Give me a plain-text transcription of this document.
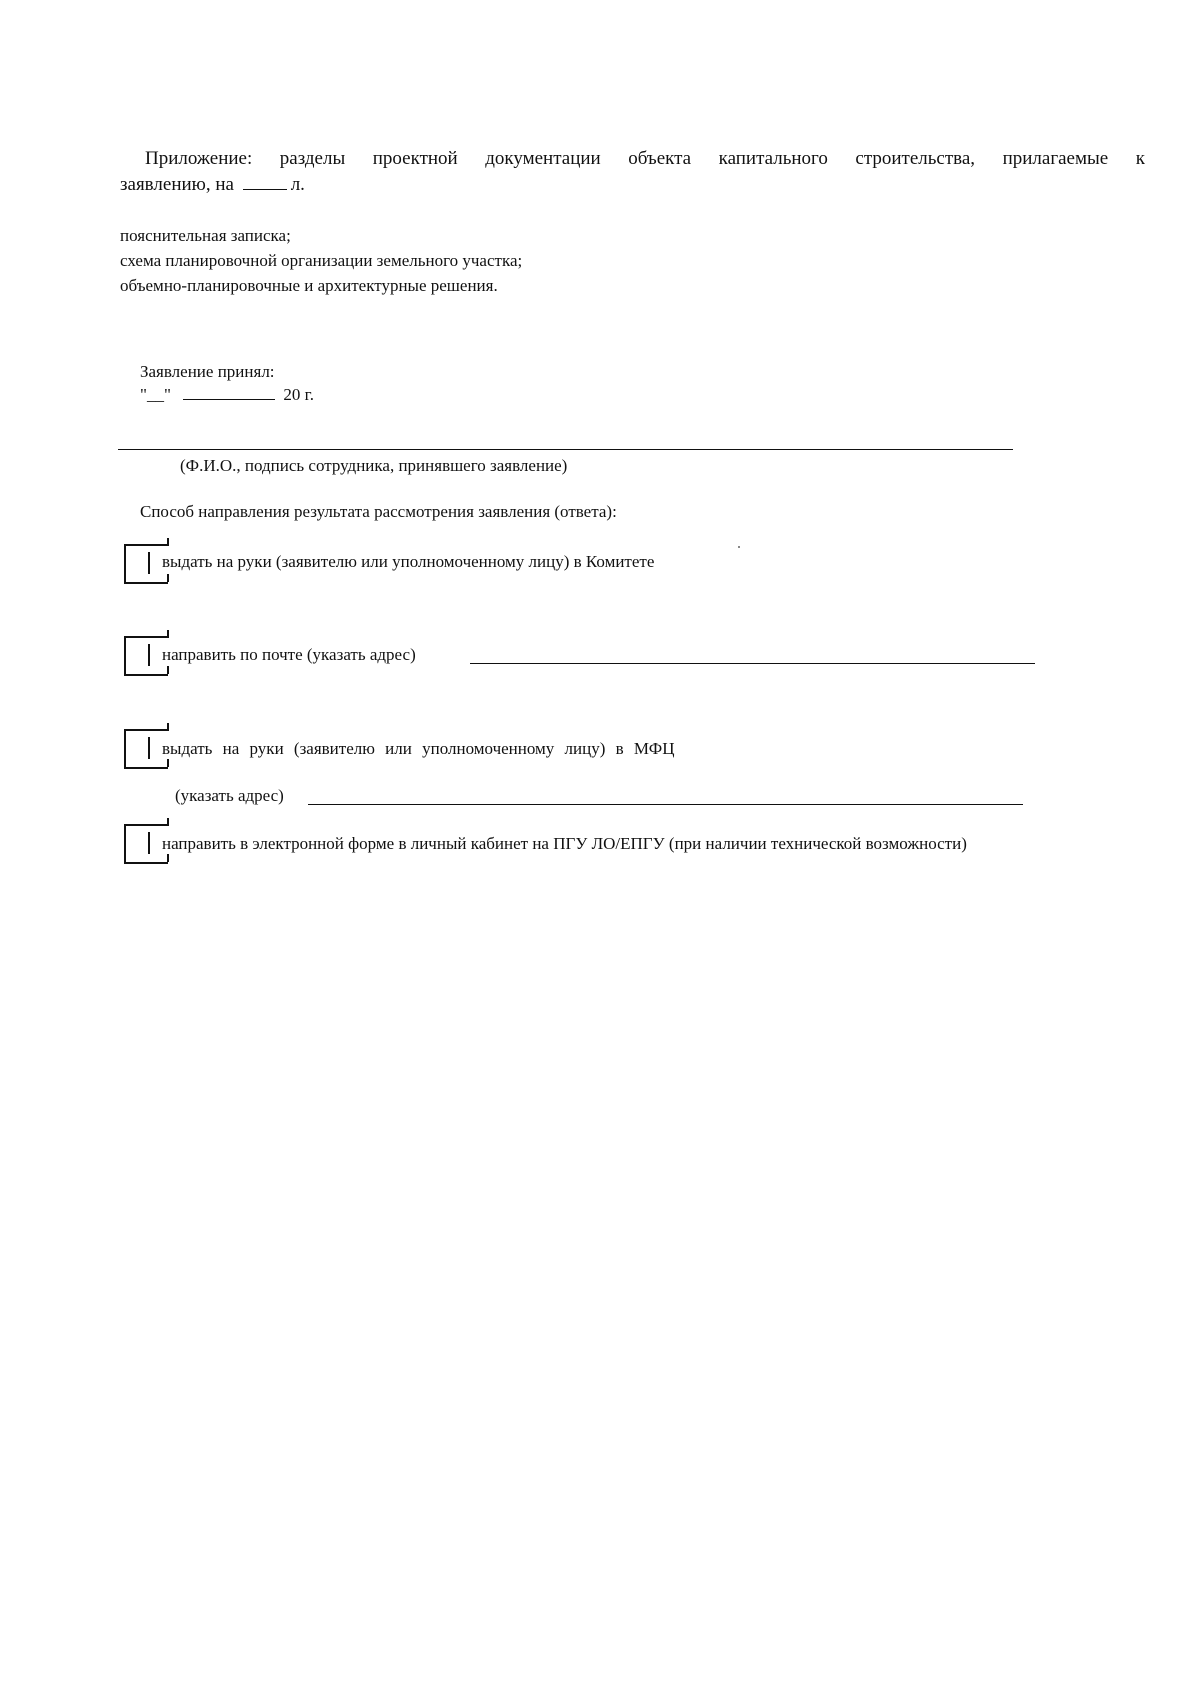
Приложение: разделы проектной документации объекта капитального строительства, прилагаемые к
заявлению, на	л.
пояснительная записка;
схема планировочной организации земельного участка;
объемно-планировочные и архитектурные решения.
Заявление принял:
"__"	20 г.
(Ф.И.О., подпись сотрудника, принявшего заявление)
Способ направления результата рассмотрения заявления (ответа):
выдать на руки (заявителю или уполномоченному лицу) в Комитете
направить по почте (указать адрес)
выдать на руки (заявителю или уполномоченному лицу) в МФЦ
(указать адрес)
направить в электронной форме в личный кабинет на ПГУ ЛО/ЕПГУ (при наличии технической возможности)
